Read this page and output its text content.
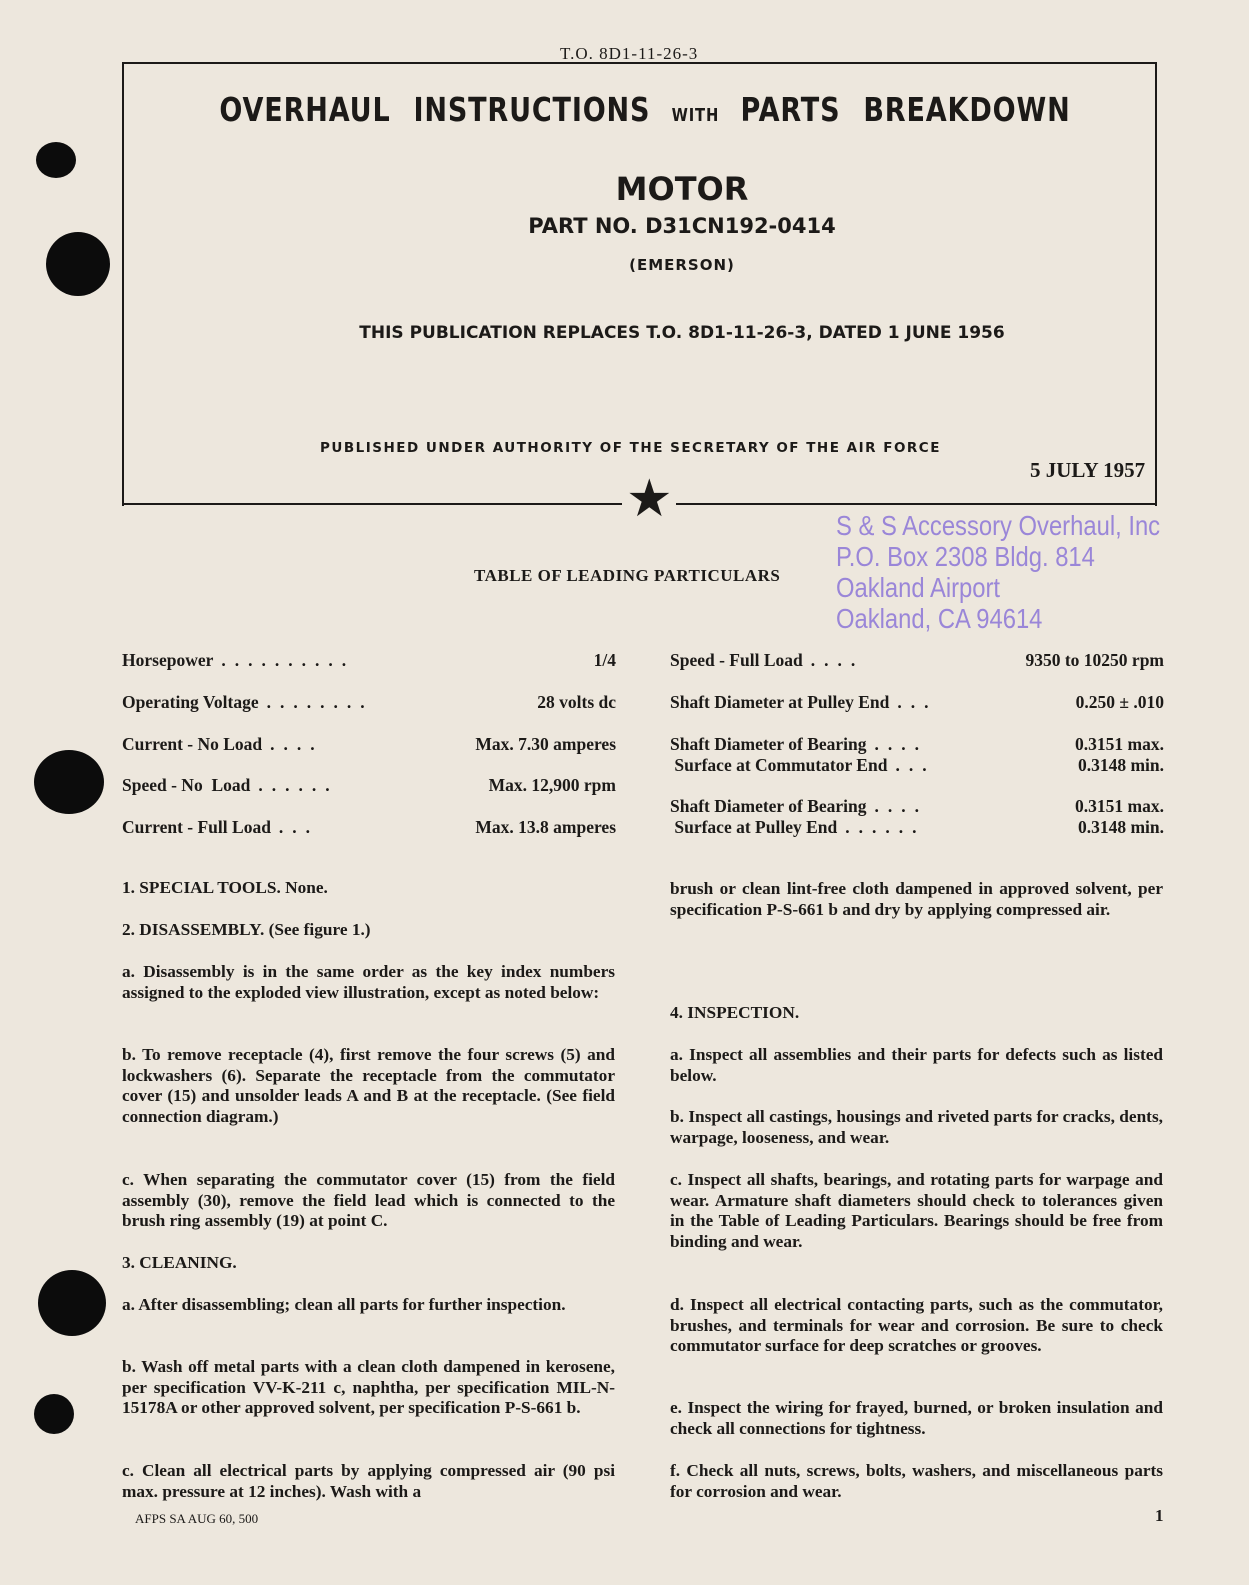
T.O. 8D1-11-26-3
★
OVERHAUL INSTRUCTIONS WITH PARTS BREAKDOWN
MOTOR
PART NO. D31CN192-0414
(EMERSON)
THIS PUBLICATION REPLACES T.O. 8D1-11-26-3, DATED 1 JUNE 1956
PUBLISHED UNDER AUTHORITY OF THE SECRETARY OF THE AIR FORCE
5 JULY 1957
S & S Accessory Overhaul, Inc
P.O. Box 2308 Bldg. 814
Oakland Airport
Oakland, CA 94614
TABLE OF LEADING PARTICULARS
Horsepower ..........	1/4
Operating Voltage ........	28 volts dc
Current - No Load ....	Max. 7.30 amperes
Speed - No  Load ......	Max. 12,900 rpm
Current - Full Load ...	Max. 13.8 amperes
Speed - Full Load ....	9350 to 10250 rpm
Shaft Diameter at Pulley End ...	0.250 ± .010
Shaft Diameter of Bearing ....	0.3151 max.
Surface at Commutator End ...	0.3148 min.
Shaft Diameter of Bearing ....	0.3151 max.
Surface at Pulley End ......	0.3148 min.
1. SPECIAL TOOLS. None.
2. DISASSEMBLY. (See figure 1.)
a. Disassembly is in the same order as the key index numbers assigned to the exploded view illustration, except as noted below:
b. To remove receptacle (4), first remove the four screws (5) and lockwashers (6). Separate the receptacle from the commutator cover (15) and unsolder leads A and B at the receptacle. (See field connection diagram.)
c. When separating the commutator cover (15) from the field assembly (30), remove the field lead which is connected to the brush ring assembly (19) at point C.
3. CLEANING.
a. After disassembling; clean all parts for further inspection.
b. Wash off metal parts with a clean cloth dampened in kerosene, per specification VV-K-211 c, naphtha, per specification MIL-N-15178A or other approved solvent, per specification P-S-661 b.
c. Clean all electrical parts by applying compressed air (90 psi max. pressure at 12 inches). Wash with a
brush or clean lint-free cloth dampened in approved solvent, per specification P-S-661 b and dry by applying compressed air.
4. INSPECTION.
a. Inspect all assemblies and their parts for defects such as listed below.
b. Inspect all castings, housings and riveted parts for cracks, dents, warpage, looseness, and wear.
c. Inspect all shafts, bearings, and rotating parts for warpage and wear. Armature shaft diameters should check to tolerances given in the Table of Leading Particulars. Bearings should be free from binding and wear.
d. Inspect all electrical contacting parts, such as the commutator, brushes, and terminals for wear and corrosion. Be sure to check commutator surface for deep scratches or grooves.
e. Inspect the wiring for frayed, burned, or broken insulation and check all connections for tightness.
f. Check all nuts, screws, bolts, washers, and miscellaneous parts for corrosion and wear.
AFPS SA AUG 60, 500	1
